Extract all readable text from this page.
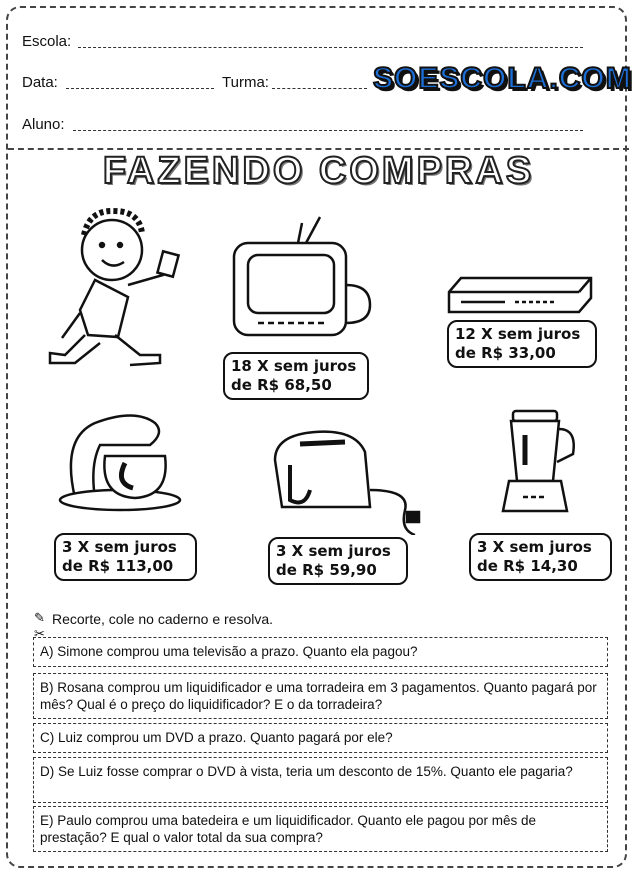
Escola:
Data:	Turma:	SOESCOLA.COM
Aluno:
FAZENDO COMPRAS
18 X sem juros
de R$ 68,50
12 X sem juros
de R$ 33,00
3 X sem juros
de R$ 113,00
3 X sem juros
de R$ 59,90
3 X sem juros
de R$ 14,30
✎
✂
Recorte, cole no caderno e resolva.
A) Simone comprou uma televisão a prazo. Quanto ela pagou?
B) Rosana comprou um liquidificador e uma torradeira em 3 pagamentos. Quanto pagará por mês? Qual é o preço do liquidificador? E o da torradeira?
C) Luiz comprou um DVD a prazo. Quanto pagará por ele?
D) Se Luiz fosse comprar o DVD à vista, teria um desconto de 15%. Quanto ele pagaria?
E) Paulo comprou uma batedeira e um liquidificador. Quanto ele pagou por mês de prestação? E qual o valor total da sua compra?
